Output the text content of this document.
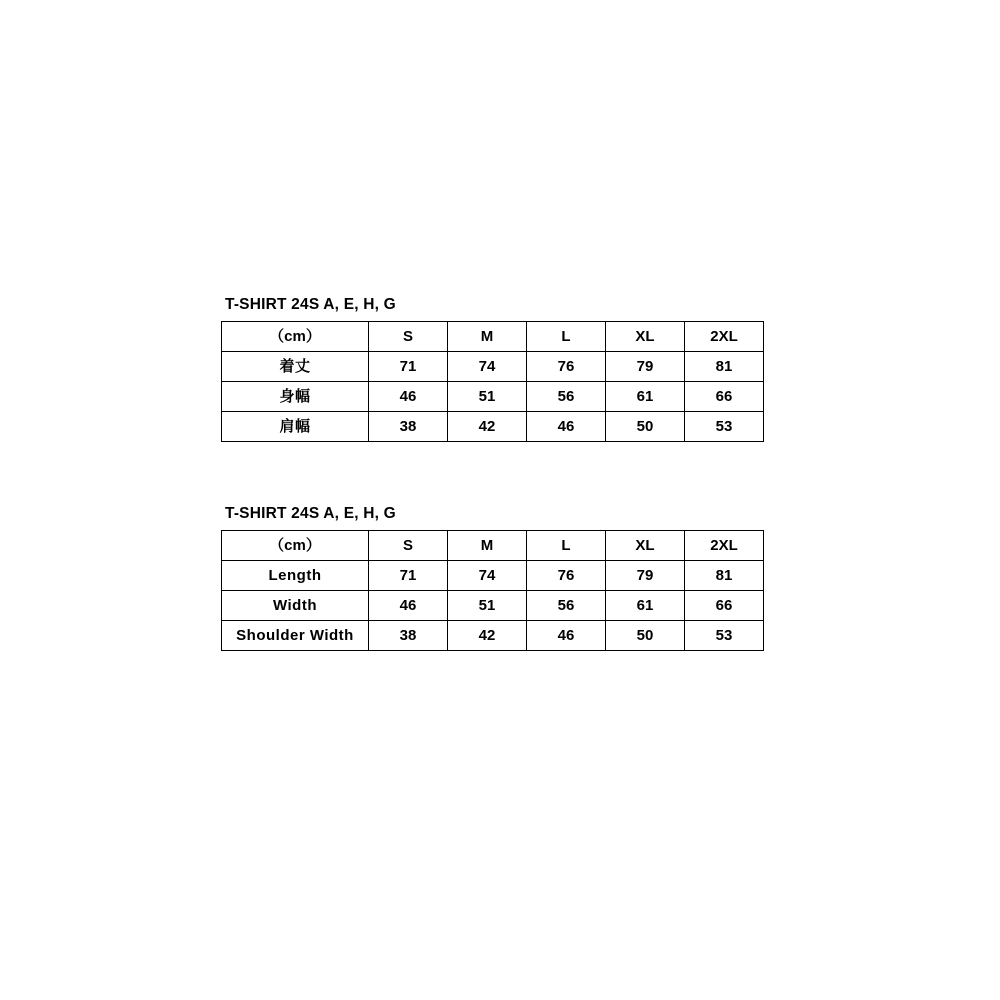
T-SHIRT 24S A, E, H, G
（cm）	S	M	L	XL	2XL
着丈	71	74	76	79	81
身幅	46	51	56	61	66
肩幅	38	42	46	50	53
T-SHIRT 24S A, E, H, G
（cm）	S	M	L	XL	2XL
Length	71	74	76	79	81
Width	46	51	56	61	66
Shoulder Width	38	42	46	50	53
